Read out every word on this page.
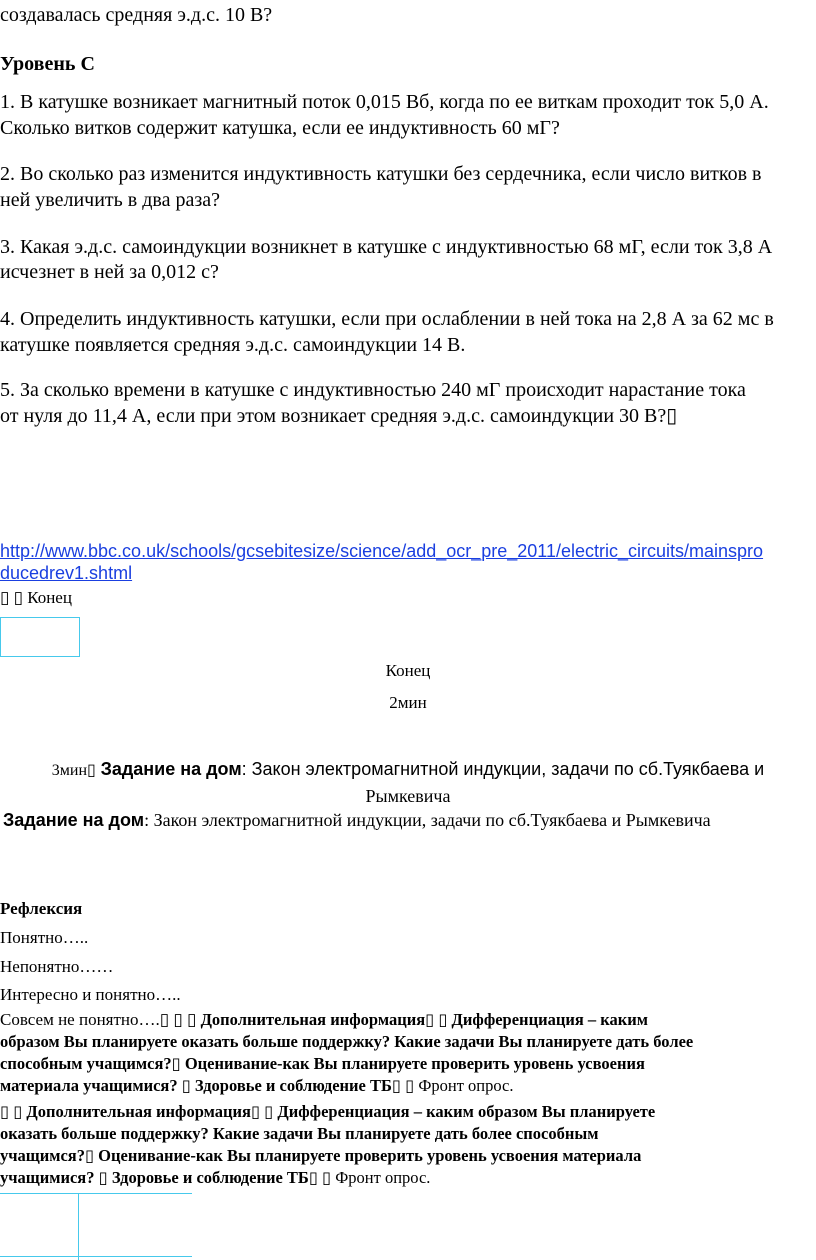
создавалась средняя э.д.с. 10 В?
Уровень С
1. В катушке возникает магнитный поток 0,015 Вб, когда по ее виткам проходит ток 5,0 А.
Сколько витков содержит катушка, если ее индуктивность 60 мГ?
2. Во сколько раз изменится индуктивность катушки без сердечника, если число витков в
ней увеличить в два раза?
3. Какая э.д.с. самоиндукции возникнет в катушке с индуктивностью 68 мГ, если ток 3,8 А
исчезнет в ней за 0,012 с?
4. Определить индуктивность катушки, если при ослаблении в ней тока на 2,8 А за 62 мс в
катушке появляется средняя э.д.с. самоиндукции 14 В.
5. За сколько времени в катушке с индуктивностью 240 мГ происходит нарастание тока
от нуля до 11,4 А, если при этом возникает средняя э.д.с. самоиндукции 30 В?▯
http://www.bbc.co.uk/schools/gcsebitesize/science/add_ocr_pre_2011/electric_circuits/mainspro
ducedrev1.shtml
▯ ▯ Конец
Конец
2мин
3мин▯ Задание на дом: Закон электромагнитной индукции, задачи по сб.Туякбаева и
Рымкевича
Задание на дом: Закон электромагнитной индукции, задачи по сб.Туякбаева и Рымкевича
Рефлексия
Понятно…..
Непонятно……
Интересно и понятно…..
Совсем не понятно….▯ ▯ ▯ Дополнительная информация▯ ▯ Дифференциация – каким
образом Вы планируете оказать больше поддержку? Какие задачи Вы планируете дать более
способным учащимся?▯ Оценивание-как Вы планируете проверить уровень усвоения
материала учащимися? ▯ Здоровье и соблюдение ТБ▯ ▯ Фронт опрос.
▯ ▯ Дополнительная информация▯ ▯ Дифференциация – каким образом Вы планируете
оказать больше поддержку? Какие задачи Вы планируете дать более способным
учащимся?▯ Оценивание-как Вы планируете проверить уровень усвоения материала
учащимися? ▯ Здоровье и соблюдение ТБ▯ ▯ Фронт опрос.
